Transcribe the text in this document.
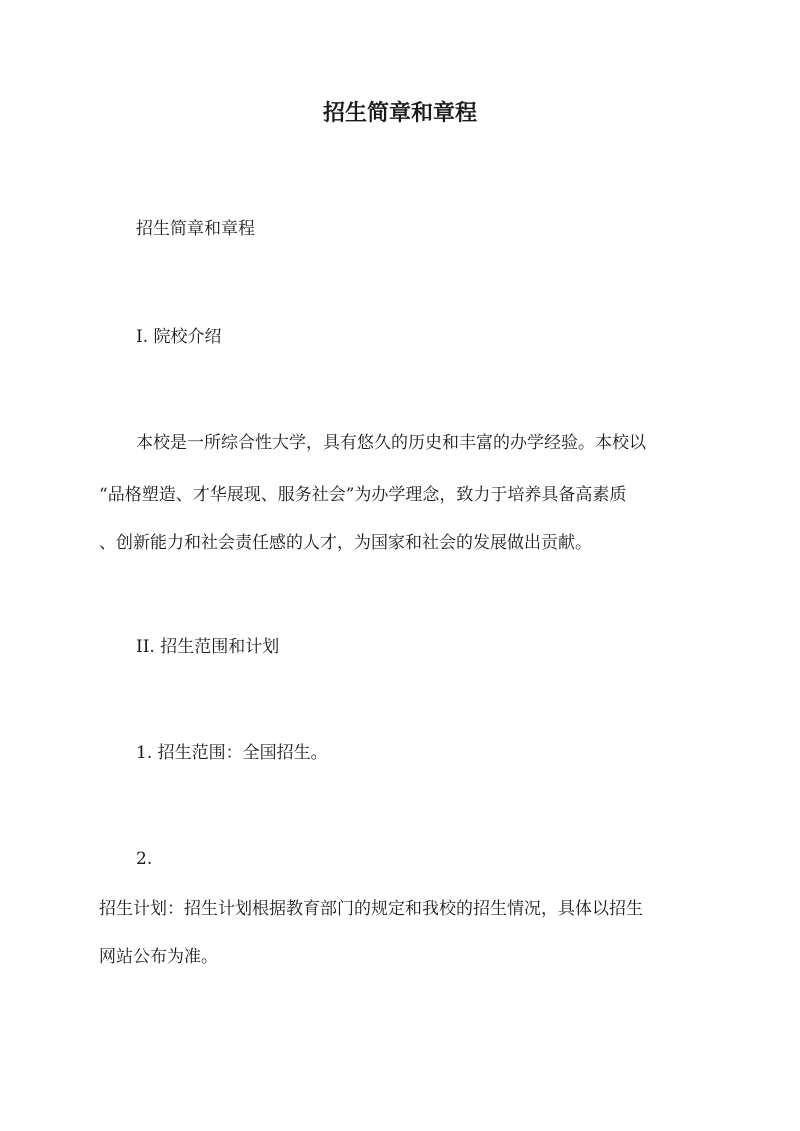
招生简章和章程

招生简章和章程

I. 院校介绍

本校是一所综合性大学，具有悠久的历史和丰富的办学经验。本校以

“品格塑造、才华展现、服务社会”为办学理念，致力于培养具备高素质

、创新能力和社会责任感的人才，为国家和社会的发展做出贡献。

II. 招生范围和计划

1. 招生范围：全国招生。

2.

招生计划：招生计划根据教育部门的规定和我校的招生情况，具体以招生

网站公布为准。
